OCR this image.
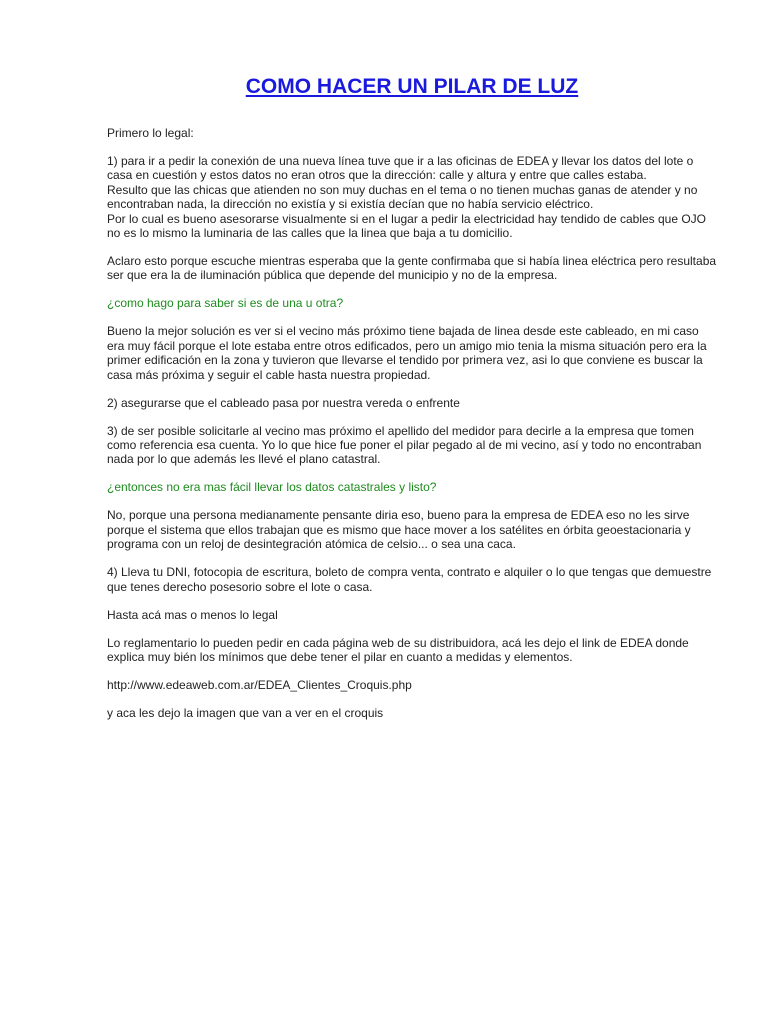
COMO HACER UN PILAR DE LUZ

Primero lo legal:

1) para ir a pedir la conexión de una nueva línea tuve que ir a las oficinas de EDEA y llevar los datos del lote o
casa en cuestión y estos datos no eran otros que la dirección: calle y altura y entre que calles estaba.
Resulto que las chicas que atienden no son muy duchas en el tema o no tienen muchas ganas de atender y no
encontraban nada, la dirección no existía y si existía decían que no había servicio eléctrico.
Por lo cual es bueno asesorarse visualmente si en el lugar a pedir la electricidad hay tendido de cables que OJO
no es lo mismo la luminaria de las calles que la linea que baja a tu domicilio.

Aclaro esto porque escuche mientras esperaba que la gente confirmaba que si había linea eléctrica pero resultaba
ser que era la de iluminación pública que depende del municipio y no de la empresa.

¿como hago para saber si es de una u otra?

Bueno la mejor solución es ver si el vecino más próximo tiene bajada de linea desde este cableado, en mi caso
era muy fácil porque el lote estaba entre otros edificados, pero un amigo mio tenia la misma situación pero era la
primer edificación en la zona y tuvieron que llevarse el tendido por primera vez, asi lo que conviene es buscar la
casa más próxima y seguir el cable hasta nuestra propiedad.

2) asegurarse que el cableado pasa por nuestra vereda o enfrente

3) de ser posible solicitarle al vecino mas próximo el apellido del medidor para decirle a la empresa que tomen
como referencia esa cuenta. Yo lo que hice fue poner el pilar pegado al de mi vecino, así y todo no encontraban
nada por lo que además les llevé el plano catastral.

¿entonces no era mas fácil llevar los datos catastrales y listo?

No, porque una persona medianamente pensante diria eso, bueno para la empresa de EDEA eso no les sirve
porque el sistema que ellos trabajan que es mismo que hace mover a los satélites en órbita geoestacionaria y
programa con un reloj de desintegración atómica de celsio... o sea una caca.

4) Lleva tu DNI, fotocopia de escritura, boleto de compra venta, contrato e alquiler o lo que tengas que demuestre
que tenes derecho posesorio sobre el lote o casa.

Hasta acá mas o menos lo legal

Lo reglamentario lo pueden pedir en cada página web de su distribuidora, acá les dejo el link de EDEA donde
explica muy bién los mínimos que debe tener el pilar en cuanto a medidas y elementos.

http://www.edeaweb.com.ar/EDEA_Clientes_Croquis.php

y aca les dejo la imagen que van a ver en el croquis
